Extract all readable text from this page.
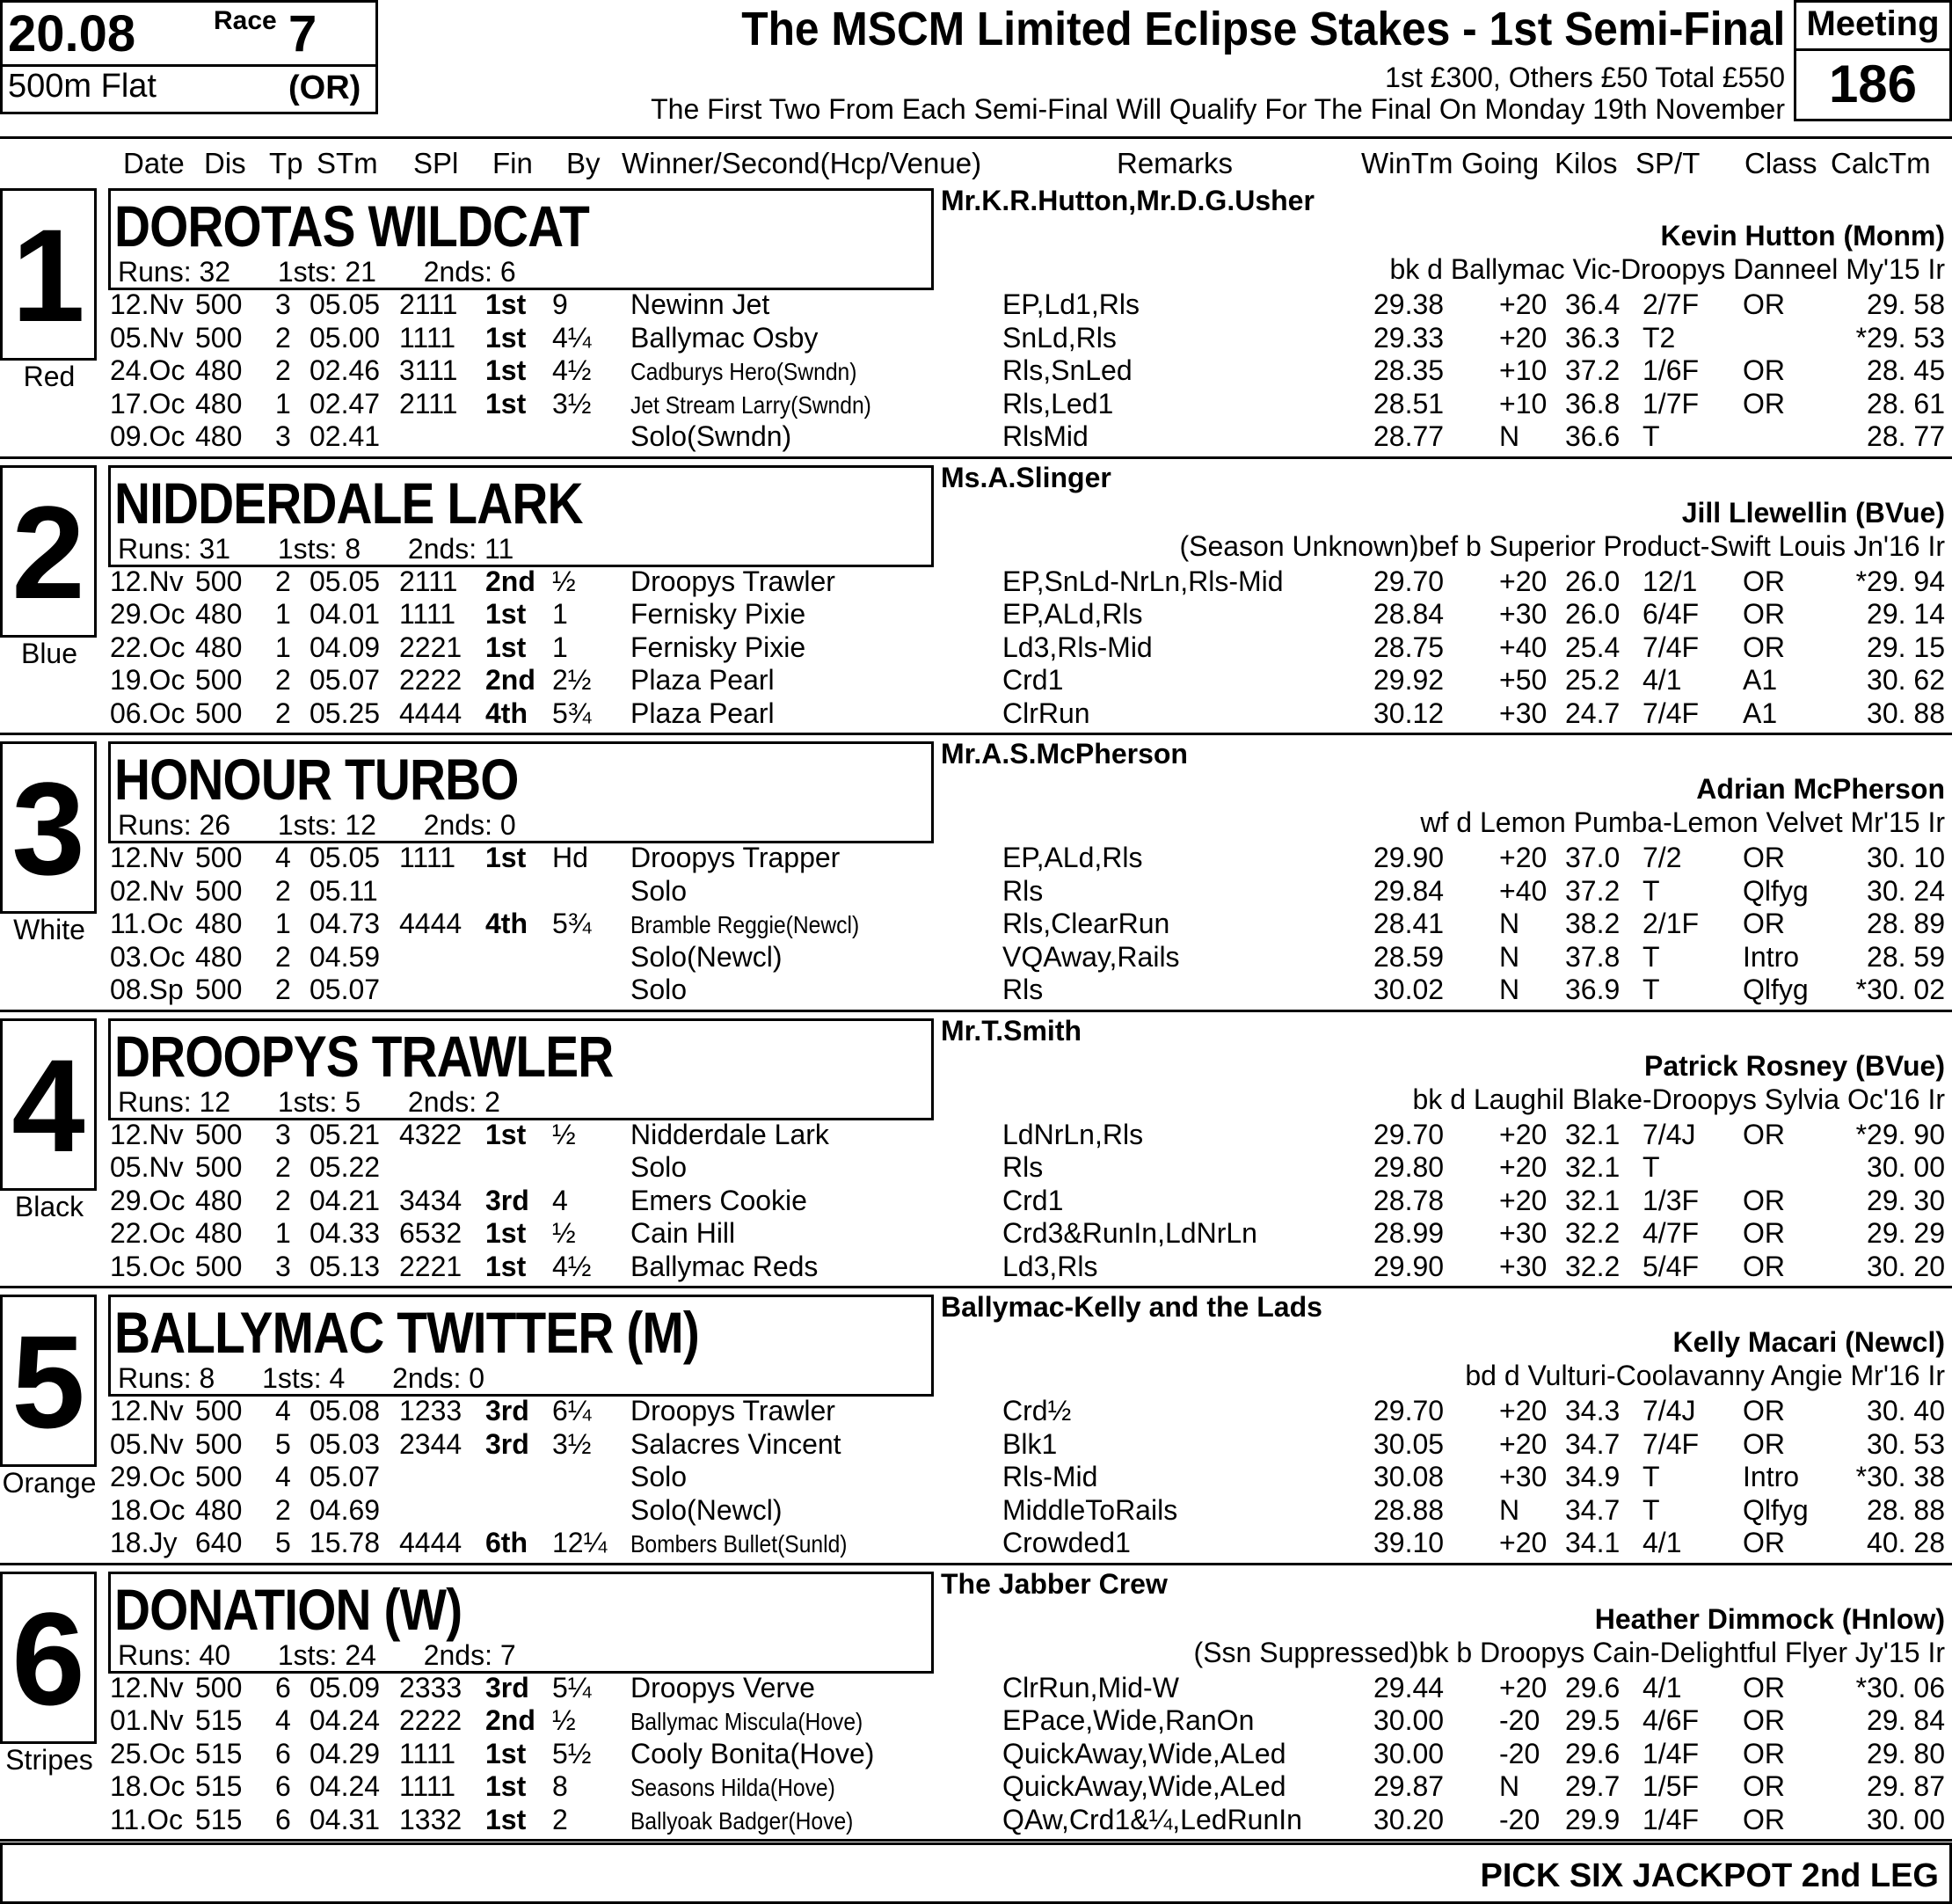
20.08	Race 7
500m Flat	(OR)
The MSCM Limited Eclipse Stakes - 1st Semi-Final
1st £300, Others £50 Total £550
The First Two From Each Semi-Final Will Qualify For The Final On Monday 19th November
Meeting
186
Date Dis Tp STm SPl Fin By Winner/Second(Hcp/Venue)	Remarks	WinTm Going Kilos SP/T Class CalcTm
1
Red
DOROTAS WILDCAT
Runs: 32 1sts: 21 2nds: 6
Mr.K.R.Hutton,Mr.D.G.Usher
Kevin Hutton (Monm)
bk d Ballymac Vic-Droopys Danneel My'15 Ir
12.Nv 500 3 05.05 2111 1st 9 Newinn Jet	EP,Ld1,Rls	29.38 +20 36.4 2/7F OR	29. 58
05.Nv 500 2 05.00 1111 1st 4¼ Ballymac Osby	SnLd,Rls	29.33 +20 36.3 T2	*29. 53
24.Oc 480 2 02.46 3111 1st 4½ Cadburys Hero(Swndn)	Rls,SnLed	28.35 +10 37.2 1/6F OR	28. 45
17.Oc 480 1 02.47 2111 1st 3½ Jet Stream Larry(Swndn)	Rls,Led1	28.51 +10 36.8 1/7F OR	28. 61
09.Oc 480 3 02.41	Solo(Swndn)	RlsMid	28.77 N 36.6 T	28. 77
2
Blue
NIDDERDALE LARK
Runs: 31 1sts: 8 2nds: 11
Ms.A.Slinger
Jill Llewellin (BVue)
(Season Unknown)bef b Superior Product-Swift Louis Jn'16 Ir
12.Nv 500 2 05.05 2111 2nd ½ Droopys Trawler	EP,SnLd-NrLn,Rls-Mid	29.70 +20 26.0 12/1 OR	*29. 94
29.Oc 480 1 04.01 1111 1st 1 Fernisky Pixie	EP,ALd,Rls	28.84 +30 26.0 6/4F OR	29. 14
22.Oc 480 1 04.09 2221 1st 1 Fernisky Pixie	Ld3,Rls-Mid	28.75 +40 25.4 7/4F OR	29. 15
19.Oc 500 2 05.07 2222 2nd 2½ Plaza Pearl	Crd1	29.92 +50 25.2 4/1 A1	30. 62
06.Oc 500 2 05.25 4444 4th 5¾ Plaza Pearl	ClrRun	30.12 +30 24.7 7/4F A1	30. 88
3
White
HONOUR TURBO
Runs: 26 1sts: 12 2nds: 0
Mr.A.S.McPherson
Adrian McPherson
wf d Lemon Pumba-Lemon Velvet Mr'15 Ir
12.Nv 500 4 05.05 1111 1st Hd Droopys Trapper	EP,ALd,Rls	29.90 +20 37.0 7/2 OR	30. 10
02.Nv 500 2 05.11	Solo	Rls	29.84 +40 37.2 T	Qlfyg 30. 24
11.Oc 480 1 04.73 4444 4th 5¾ Bramble Reggie(Newcl)	Rls,ClearRun	28.41 N 38.2 2/1F OR	28. 89
03.Oc 480 2 04.59	Solo(Newcl)	VQAway,Rails	28.59 N 37.8 T	Intro 28. 59
08.Sp 500 2 05.07	Solo	Rls	30.02 N 36.9 T	Qlfyg *30. 02
4
Black
DROOPYS TRAWLER
Runs: 12 1sts: 5 2nds: 2
Mr.T.Smith
Patrick Rosney (BVue)
bk d Laughil Blake-Droopys Sylvia Oc'16 Ir
12.Nv 500 3 05.21 4322 1st ½ Nidderdale Lark	LdNrLn,Rls	29.70 +20 32.1 7/4J OR	*29. 90
05.Nv 500 2 05.22	Solo	Rls	29.80 +20 32.1 T	30. 00
29.Oc 480 2 04.21 3434 3rd 4 Emers Cookie	Crd1	28.78 +20 32.1 1/3F OR	29. 30
22.Oc 480 1 04.33 6532 1st ½ Cain Hill	Crd3&RunIn,LdNrLn	28.99 +30 32.2 4/7F OR	29. 29
15.Oc 500 3 05.13 2221 1st 4½ Ballymac Reds	Ld3,Rls	29.90 +30 32.2 5/4F OR	30. 20
5
Orange
BALLYMAC TWITTER (M)
Runs: 8 1sts: 4 2nds: 0
Ballymac-Kelly and the Lads
Kelly Macari (Newcl)
bd d Vulturi-Coolavanny Angie Mr'16 Ir
12.Nv 500 4 05.08 1233 3rd 6¼ Droopys Trawler	Crd½	29.70 +20 34.3 7/4J OR	30. 40
05.Nv 500 5 05.03 2344 3rd 3½ Salacres Vincent	Blk1	30.05 +20 34.7 7/4F OR	30. 53
29.Oc 500 4 05.07	Solo	Rls-Mid	30.08 +30 34.9 T	Intro *30. 38
18.Oc 480 2 04.69	Solo(Newcl)	MiddleToRails	28.88 N 34.7 T	Qlfyg 28. 88
18.Jy 640 5 15.78 4444 6th 12¼ Bombers Bullet(Sunld)	Crowded1	39.10 +20 34.1 4/1 OR	40. 28
6
Stripes
DONATION (W)
Runs: 40 1sts: 24 2nds: 7
The Jabber Crew
Heather Dimmock (Hnlow)
(Ssn Suppressed)bk b Droopys Cain-Delightful Flyer Jy'15 Ir
12.Nv 500 6 05.09 2333 3rd 5¼ Droopys Verve	ClrRun,Mid-W	29.44 +20 29.6 4/1 OR	*30. 06
01.Nv 515 4 04.24 2222 2nd ½ Ballymac Miscula(Hove)	EPace,Wide,RanOn	30.00 -20 29.5 4/6F OR	29. 84
25.Oc 515 6 04.29 1111 1st 5½ Cooly Bonita(Hove)	QuickAway,Wide,ALed	30.00 -20 29.6 1/4F OR	29. 80
18.Oc 515 6 04.24 1111 1st 8	Seasons Hilda(Hove)	QuickAway,Wide,ALed	29.87 N 29.7 1/5F OR	29. 87
11.Oc 515 6 04.31 1332 1st 2	Ballyoak Badger(Hove)	QAw,Crd1&¼,LedRunIn	30.20 -20 29.9 1/4F OR	30. 00
PICK SIX JACKPOT 2nd LEG
